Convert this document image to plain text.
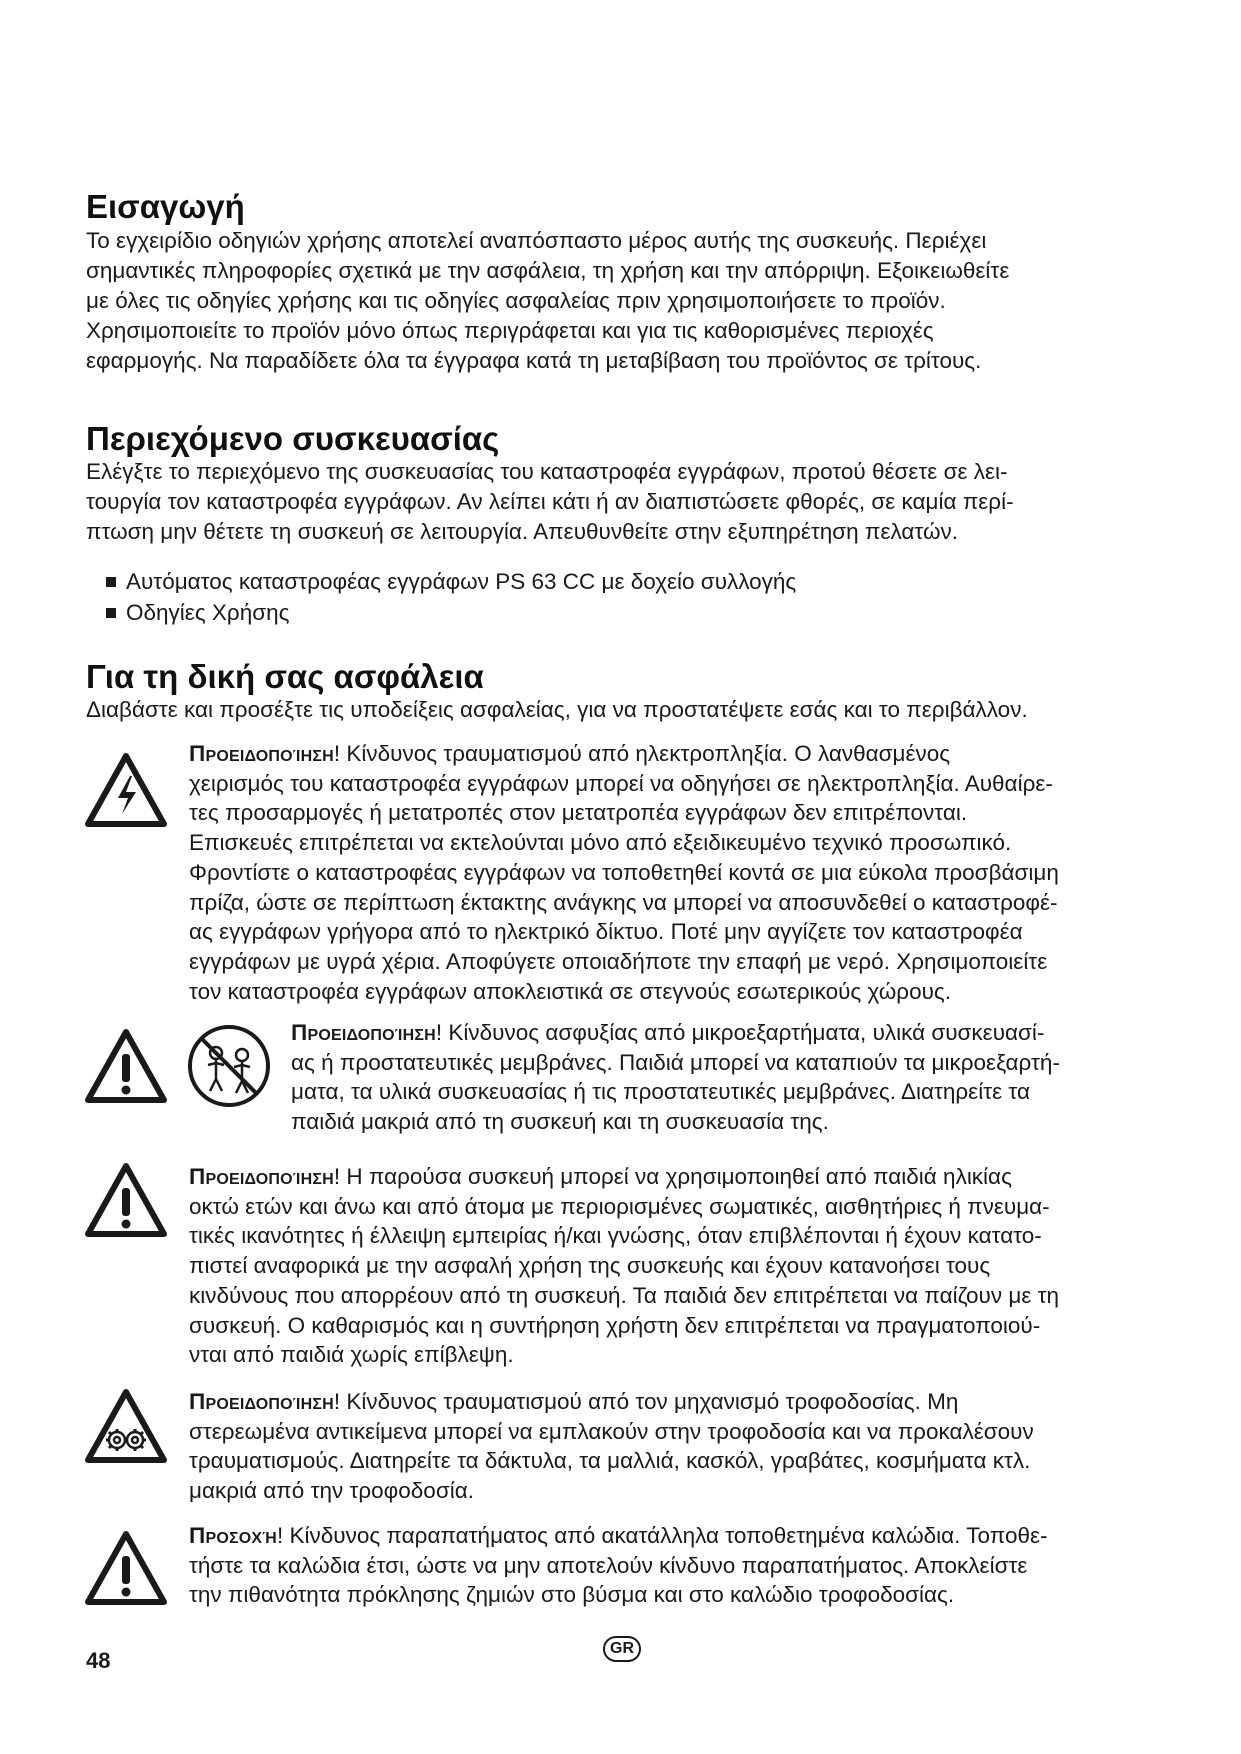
Εισαγωγή
Το εγχειρίδιο οδηγιών χρήσης αποτελεί αναπόσπαστο μέρος αυτής της συσκευής. Περιέχει
σημαντικές πληροφορίες σχετικά με την ασφάλεια, τη χρήση και την απόρριψη. Εξοικειωθείτε
με όλες τις οδηγίες χρήσης και τις οδηγίες ασφαλείας πριν χρησιμοποιήσετε το προϊόν.
Χρησιμοποιείτε το προϊόν μόνο όπως περιγράφεται και για τις καθορισμένες περιοχές
εφαρμογής. Να παραδίδετε όλα τα έγγραφα κατά τη μεταβίβαση του προϊόντος σε τρίτους.
Περιεχόμενο συσκευασίας
Ελέγξτε το περιεχόμενο της συσκευασίας του καταστροφέα εγγράφων, προτού θέσετε σε λει-
τουργία τον καταστροφέα εγγράφων. Αν λείπει κάτι ή αν διαπιστώσετε φθορές, σε καμία περί-
πτωση μην θέτετε τη συσκευή σε λειτουργία. Απευθυνθείτε στην εξυπηρέτηση πελατών.
Αυτόματος καταστροφέας εγγράφων PS 63 CC με δοχείο συλλογής
Οδηγίες Χρήσης
Για τη δική σας ασφάλεια
Διαβάστε και προσέξτε τις υποδείξεις ασφαλείας, για να προστατέψετε εσάς και το περιβάλλον.
Προειδοποίηση! Κίνδυνος τραυματισμού από ηλεκτροπληξία. Ο λανθασμένος
χειρισμός του καταστροφέα εγγράφων μπορεί να οδηγήσει σε ηλεκτροπληξία. Αυθαίρε-
τες προσαρμογές ή μετατροπές στον μετατροπέα εγγράφων δεν επιτρέπονται.
Επισκευές επιτρέπεται να εκτελούνται μόνο από εξειδικευμένο τεχνικό προσωπικό.
Φροντίστε ο καταστροφέας εγγράφων να τοποθετηθεί κοντά σε μια εύκολα προσβάσιμη
πρίζα, ώστε σε περίπτωση έκτακτης ανάγκης να μπορεί να αποσυνδεθεί ο καταστροφέ-
ας εγγράφων γρήγορα από το ηλεκτρικό δίκτυο. Ποτέ μην αγγίζετε τον καταστροφέα
εγγράφων με υγρά χέρια. Αποφύγετε οποιαδήποτε την επαφή με νερό. Χρησιμοποιείτε
τον καταστροφέα εγγράφων αποκλειστικά σε στεγνούς εσωτερικούς χώρους.
Προειδοποίηση! Κίνδυνος ασφυξίας από μικροεξαρτήματα, υλικά συσκευασί-
ας ή προστατευτικές μεμβράνες. Παιδιά μπορεί να καταπιούν τα μικροεξαρτή-
ματα, τα υλικά συσκευασίας ή τις προστατευτικές μεμβράνες. Διατηρείτε τα
παιδιά μακριά από τη συσκευή και τη συσκευασία της.
Προειδοποίηση! Η παρούσα συσκευή μπορεί να χρησιμοποιηθεί από παιδιά ηλικίας
οκτώ ετών και άνω και από άτομα με περιορισμένες σωματικές, αισθητήριες ή πνευμα-
τικές ικανότητες ή έλλειψη εμπειρίας ή/και γνώσης, όταν επιβλέπονται ή έχουν κατατο-
πιστεί αναφορικά με την ασφαλή χρήση της συσκευής και έχουν κατανοήσει τους
κινδύνους που απορρέουν από τη συσκευή. Τα παιδιά δεν επιτρέπεται να παίζουν με τη
συσκευή. Ο καθαρισμός και η συντήρηση χρήστη δεν επιτρέπεται να πραγματοποιού-
νται από παιδιά χωρίς επίβλεψη.
Προειδοποίηση! Κίνδυνος τραυματισμού από τον μηχανισμό τροφοδοσίας. Μη
στερεωμένα αντικείμενα μπορεί να εμπλακούν στην τροφοδοσία και να προκαλέσουν
τραυματισμούς. Διατηρείτε τα δάκτυλα, τα μαλλιά, κασκόλ, γραβάτες, κοσμήματα κτλ.
μακριά από την τροφοδοσία.
Προσοχή! Κίνδυνος παραπατήματος από ακατάλληλα τοποθετημένα καλώδια. Τοποθε-
τήστε τα καλώδια έτσι, ώστε να μην αποτελούν κίνδυνο παραπατήματος. Αποκλείστε
την πιθανότητα πρόκλησης ζημιών στο βύσμα και στο καλώδιο τροφοδοσίας.
48	GR
